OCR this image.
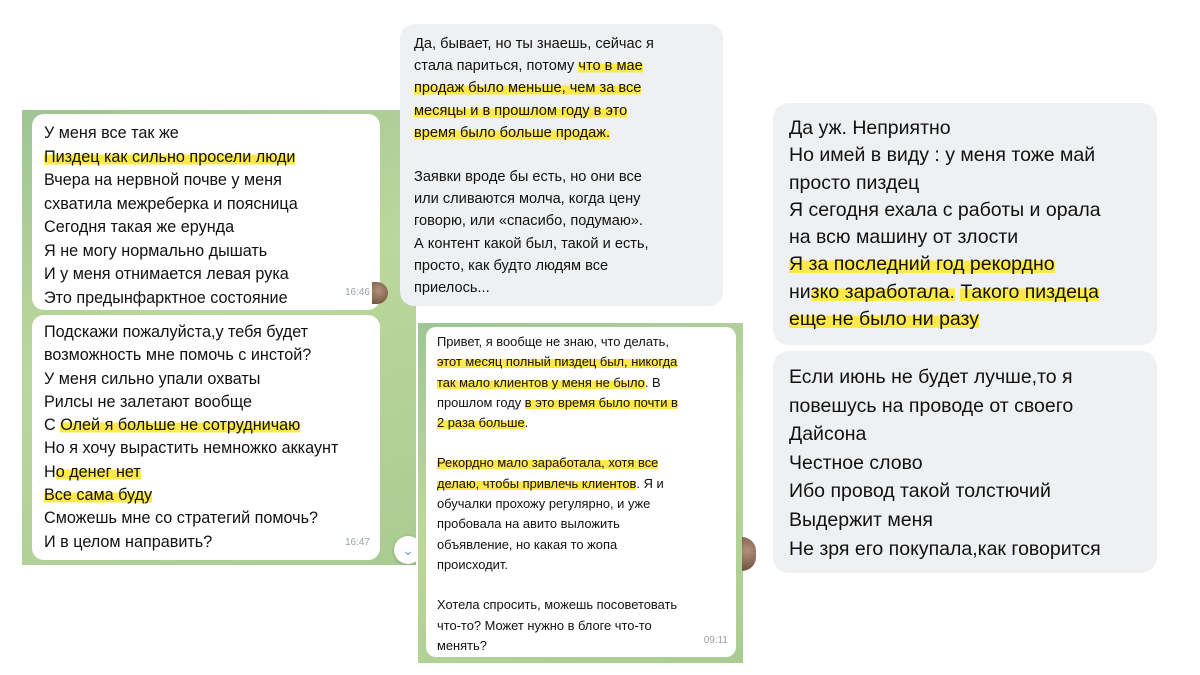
У меня все так же
Пиздец как сильно просели люди
Вчера на нервной почве у меня
схватила межреберка и поясница
Сегодня такая же ерунда
Я не могу нормально дышать
И у меня отнимается левая рука
Это предынфарктное состояние	16:46
Подскажи пожалуйста,у тебя будет
возможность мне помочь с инстой?
У меня сильно упали охваты
Рилсы не залетают вообще
С Олей я больше не сотрудничаю
Но я хочу вырастить немножко аккаунт
Но денег нет
Все сама буду
Сможешь мне со стратегий помочь?
И в целом направить?	16:47 ⌄
Да, бывает, но ты знаешь, сейчас я
стала париться, потому что в мае
продаж было меньше, чем за все
месяцы и в прошлом году в это
время было больше продаж.
Заявки вроде бы есть, но они все
или сливаются молча, когда цену
говорю, или «спасибо, подумаю».
А контент какой был, такой и есть,
просто, как будто людям все
приелось...
Привет, я вообще не знаю, что делать,
этот месяц полный пиздец был, никогда
так мало клиентов у меня не было. В
прошлом году в это время было почти в
2 раза больше.
Рекордно мало заработала, хотя все
делаю, чтобы привлечь клиентов. Я и
обучалки прохожу регулярно, и уже
пробовала на авито выложить
объявление, но какая то жопа
происходит.
Хотела спросить, можешь посоветовать
что-то? Может нужно в блоге что-то
менять?	09:11
Да уж. Неприятно
Но имей в виду : у меня тоже май
просто пиздец
Я сегодня ехала с работы и орала
на всю машину от злости
Я за последний год рекордно
низко заработала. Такого пиздеца
еще не было ни разу
Если июнь не будет лучше,то я
повешусь на проводе от своего
Дайсона
Честное слово
Ибо провод такой толстючий
Выдержит меня
Не зря его покупала,как говорится
